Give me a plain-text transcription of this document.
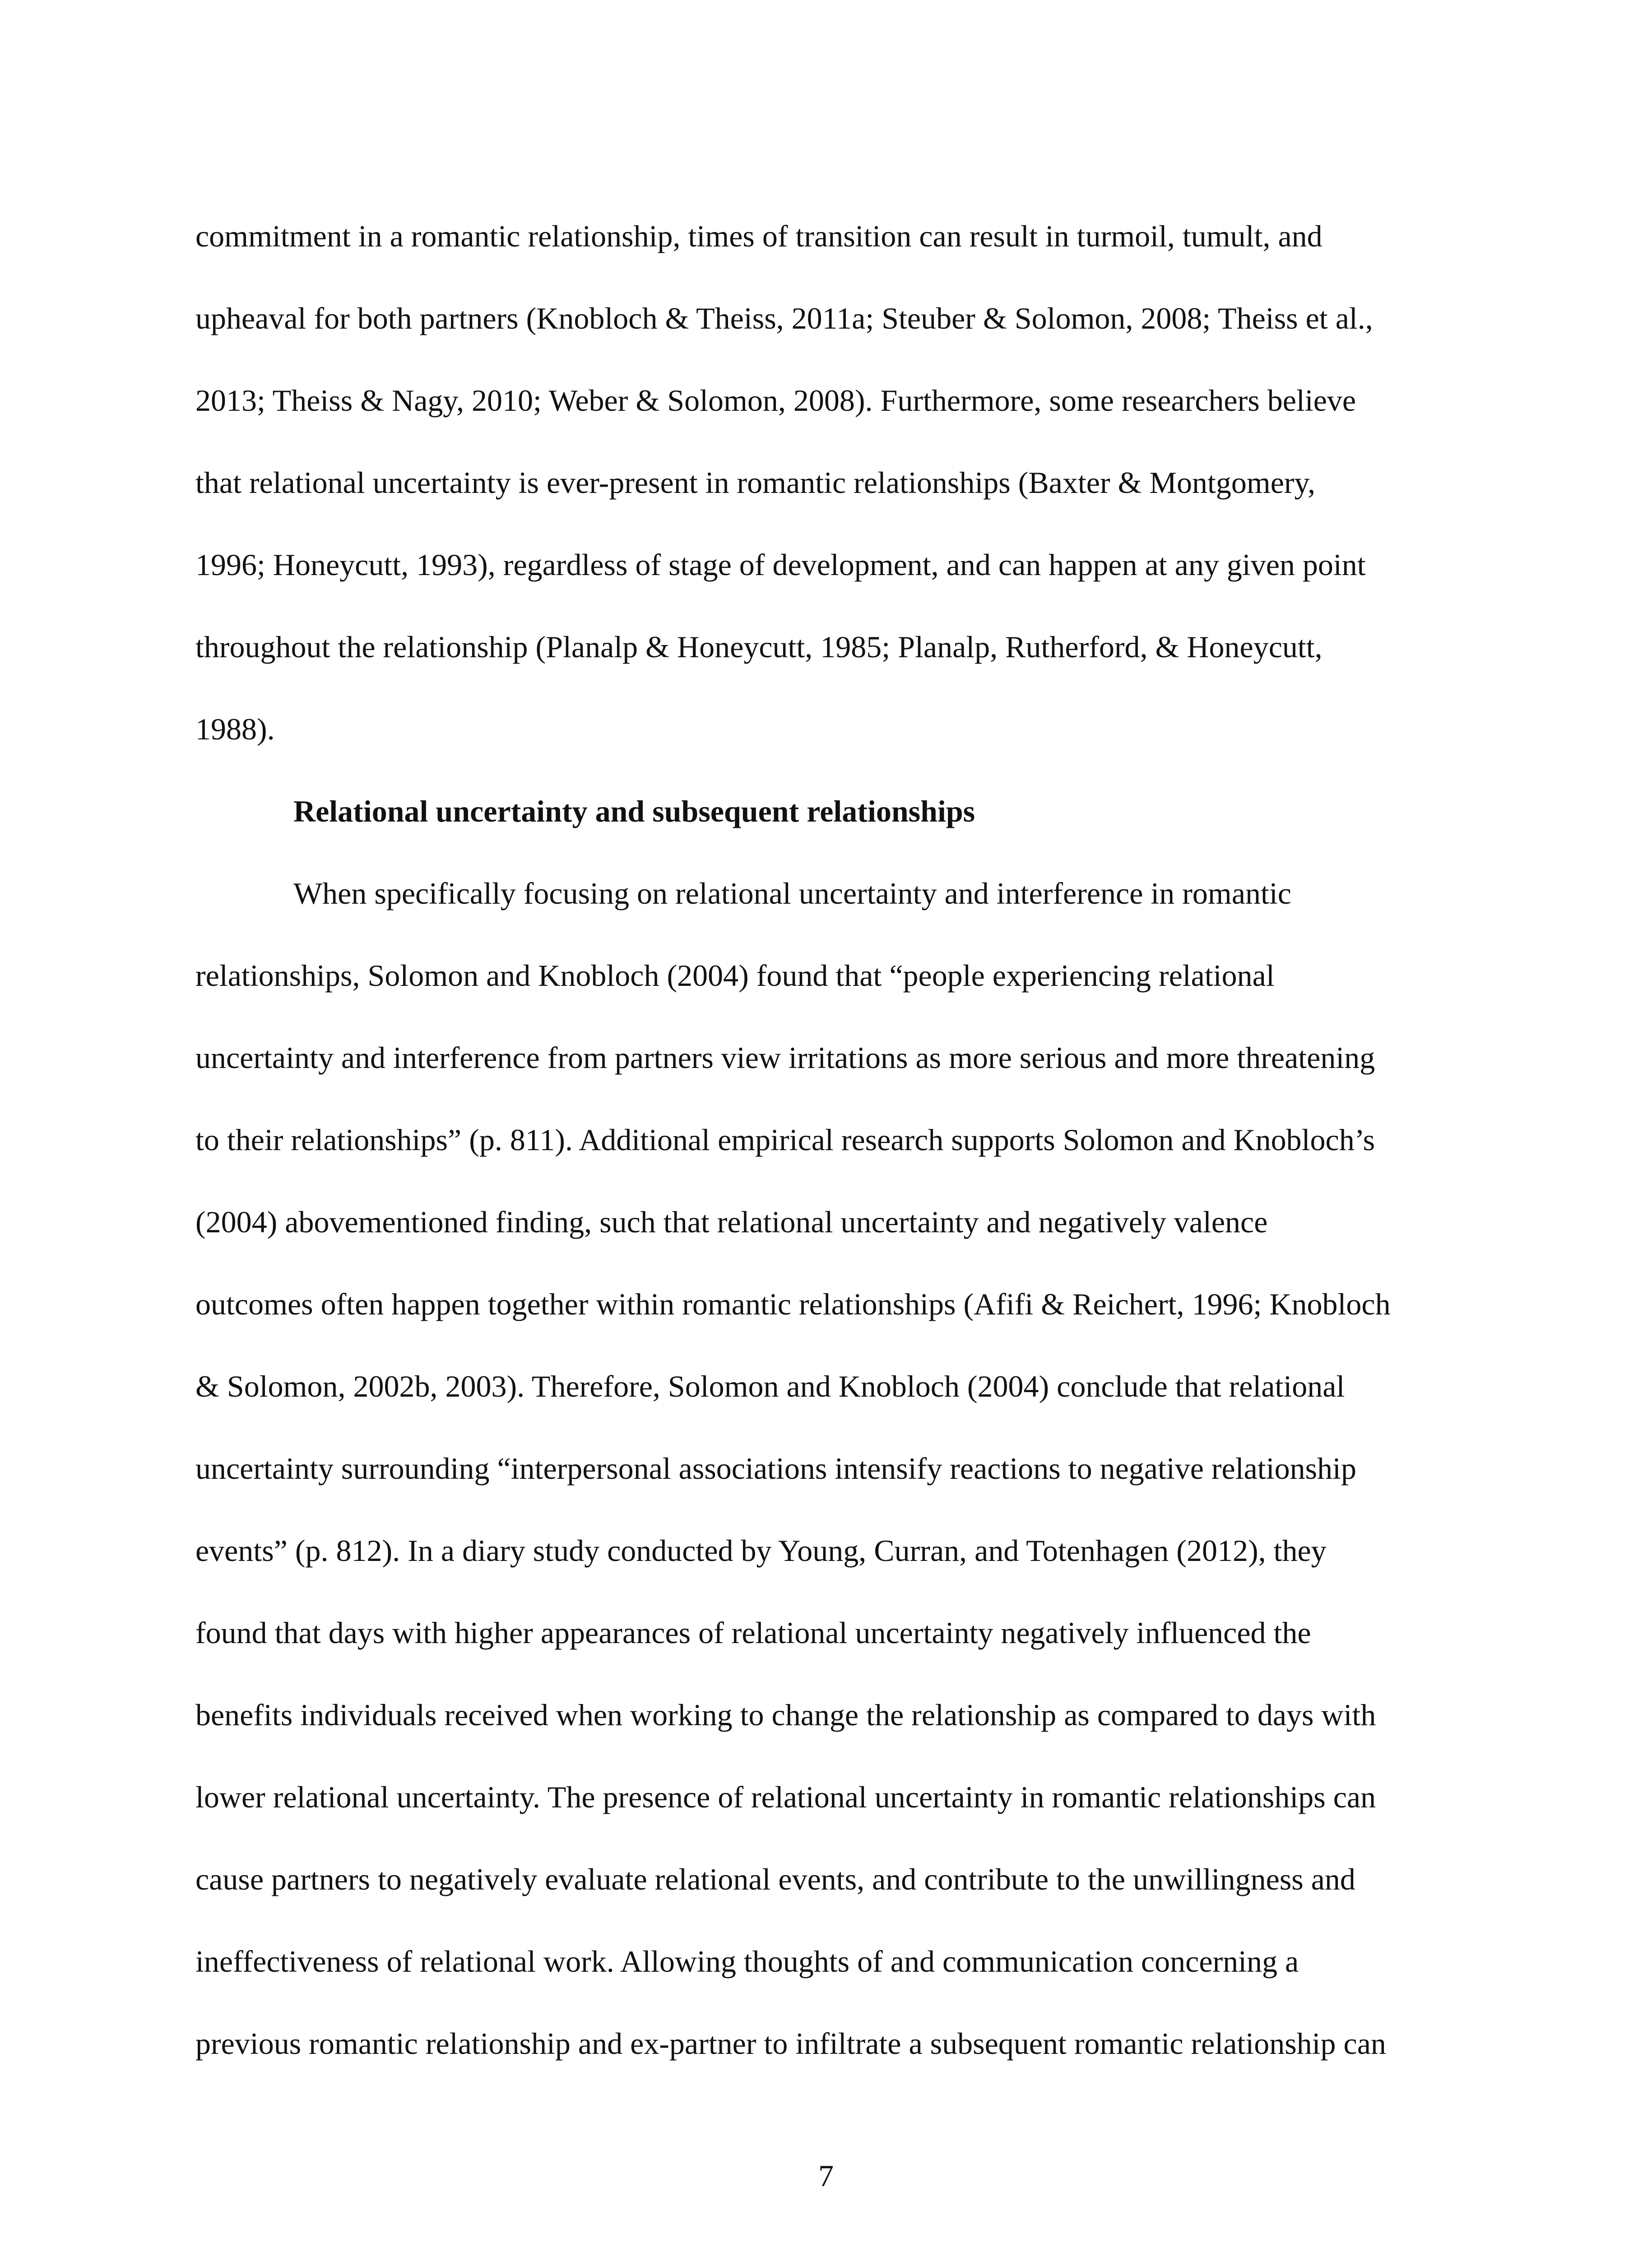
commitment in a romantic relationship, times of transition can result in turmoil, tumult, and

upheaval for both partners (Knobloch & Theiss, 2011a; Steuber & Solomon, 2008; Theiss et al.,

2013; Theiss & Nagy, 2010; Weber & Solomon, 2008). Furthermore, some researchers believe

that relational uncertainty is ever-present in romantic relationships (Baxter & Montgomery,

1996; Honeycutt, 1993), regardless of stage of development, and can happen at any given point

throughout the relationship (Planalp & Honeycutt, 1985; Planalp, Rutherford, & Honeycutt,

1988).

Relational uncertainty and subsequent relationships

When specifically focusing on relational uncertainty and interference in romantic

relationships, Solomon and Knobloch (2004) found that “people experiencing relational

uncertainty and interference from partners view irritations as more serious and more threatening

to their relationships” (p. 811). Additional empirical research supports Solomon and Knobloch’s

(2004) abovementioned finding, such that relational uncertainty and negatively valence

outcomes often happen together within romantic relationships (Afifi & Reichert, 1996; Knobloch

& Solomon, 2002b, 2003). Therefore, Solomon and Knobloch (2004) conclude that relational

uncertainty surrounding “interpersonal associations intensify reactions to negative relationship

events” (p. 812). In a diary study conducted by Young, Curran, and Totenhagen (2012), they

found that days with higher appearances of relational uncertainty negatively influenced the

benefits individuals received when working to change the relationship as compared to days with

lower relational uncertainty. The presence of relational uncertainty in romantic relationships can

cause partners to negatively evaluate relational events, and contribute to the unwillingness and

ineffectiveness of relational work. Allowing thoughts of and communication concerning a

previous romantic relationship and ex-partner to infiltrate a subsequent romantic relationship can

7
